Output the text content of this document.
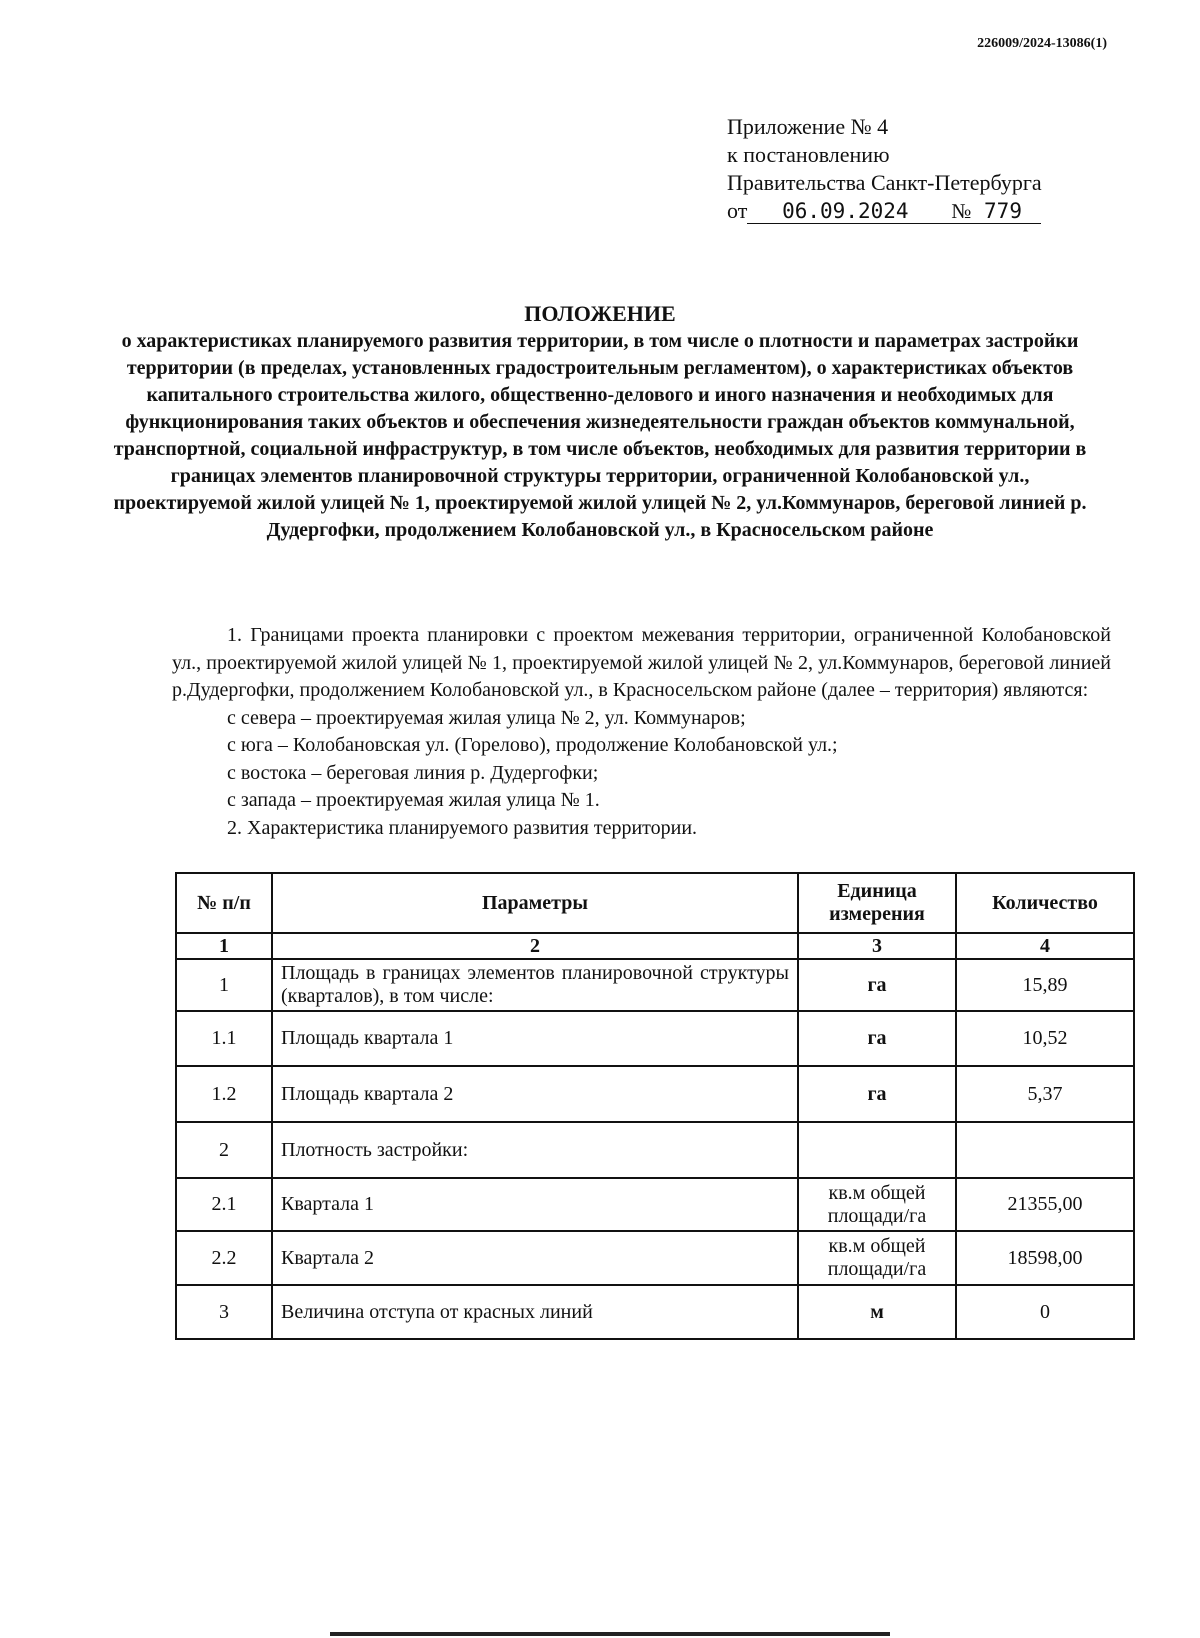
226009/2024-13086(1)
Приложение № 4
к постановлению
Правительства Санкт-Петербурга
от	06.09.2024	№ 779
ПОЛОЖЕНИЕ
о характеристиках планируемого развития территории, в том числе о плотности и параметрах застройки территории (в пределах, установленных градостроительным регламентом), о характеристиках объектов капитального строительства жилого, общественно-делового и иного назначения и необходимых для функционирования таких объектов и обеспечения жизнедеятельности граждан объектов коммунальной, транспортной, социальной инфраструктур, в том числе объектов, необходимых для развития территории в границах элементов планировочной структуры территории, ограниченной Колобановской ул., проектируемой жилой улицей № 1, проектируемой жилой улицей № 2, ул.Коммунаров, береговой линией р. Дудергофки, продолжением Колобановской ул., в Красносельском районе

1. Границами проекта планировки с проектом межевания территории, ограниченной Колобановской ул., проектируемой жилой улицей № 1, проектируемой жилой улицей № 2, ул.Коммунаров, береговой линией р.Дудергофки, продолжением Колобановской ул., в Красносельском районе (далее – территория) являются:

с севера – проектируемая жилая улица № 2, ул. Коммунаров;

с юга – Колобановская ул. (Горелово), продолжение Колобановской ул.;

с востока – береговая линия р. Дудергофки;

с запада – проектируемая жилая улица № 1.

2. Характеристика планируемого развития территории.

№ п/п	Параметры	Единица измерения	Количество
1	2	3	4
1	Площадь в границах элементов планировочной структуры (кварталов), в том числе:	га	15,89
1.1	Площадь квартала 1	га	10,52
1.2	Площадь квартала 2	га	5,37
2	Плотность застройки:		
2.1	Квартала 1	кв.м общей площади/га	21355,00
2.2	Квартала 2	кв.м общей площади/га	18598,00
3	Величина отступа от красных линий	м	0
